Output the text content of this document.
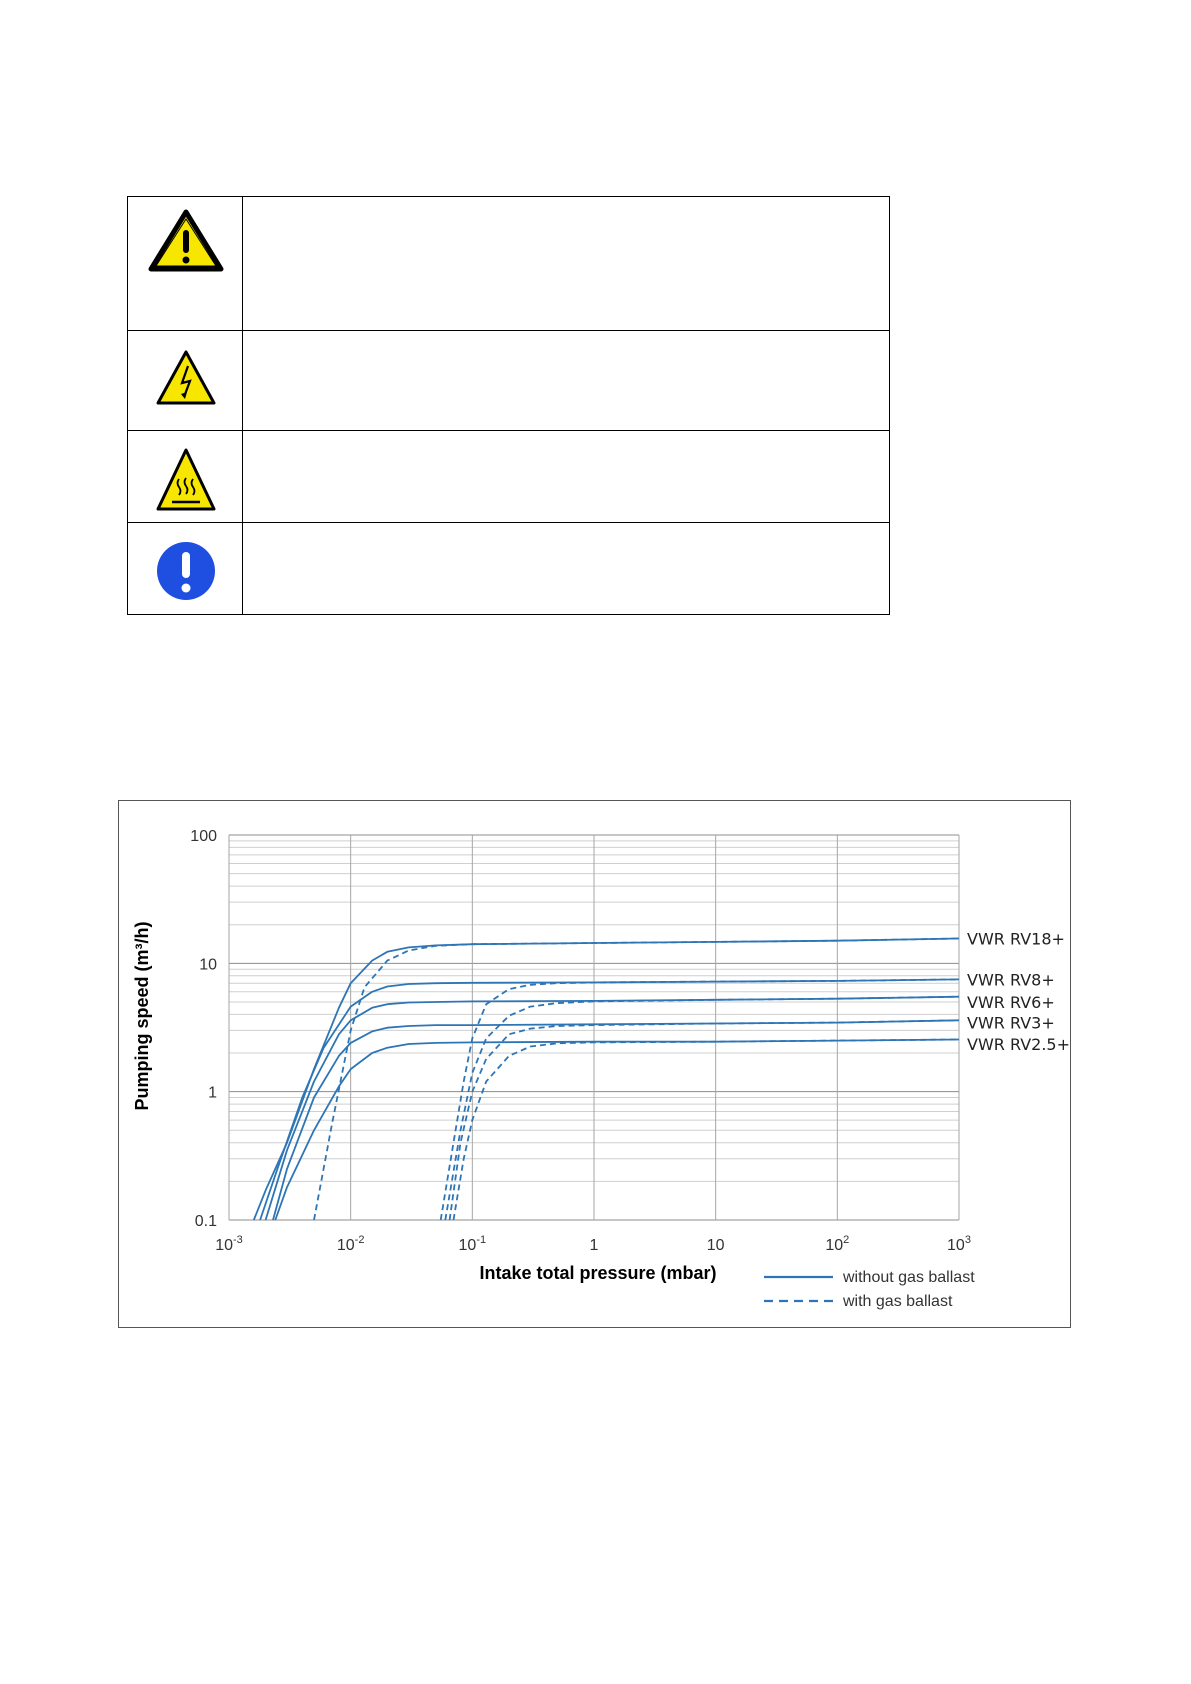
100
10
1
0.1
$10^{-3}$	$10^{-2}$	$10^{-1}$	1	10	$10^2$	$10^3$
VWR RV18+
VWR RV8+
VWR RV6+
VWR RV3+
VWR RV2.5+
Intake total pressure (mbar)
Pumping speed (m³/h)
without gas ballast
with gas ballast
